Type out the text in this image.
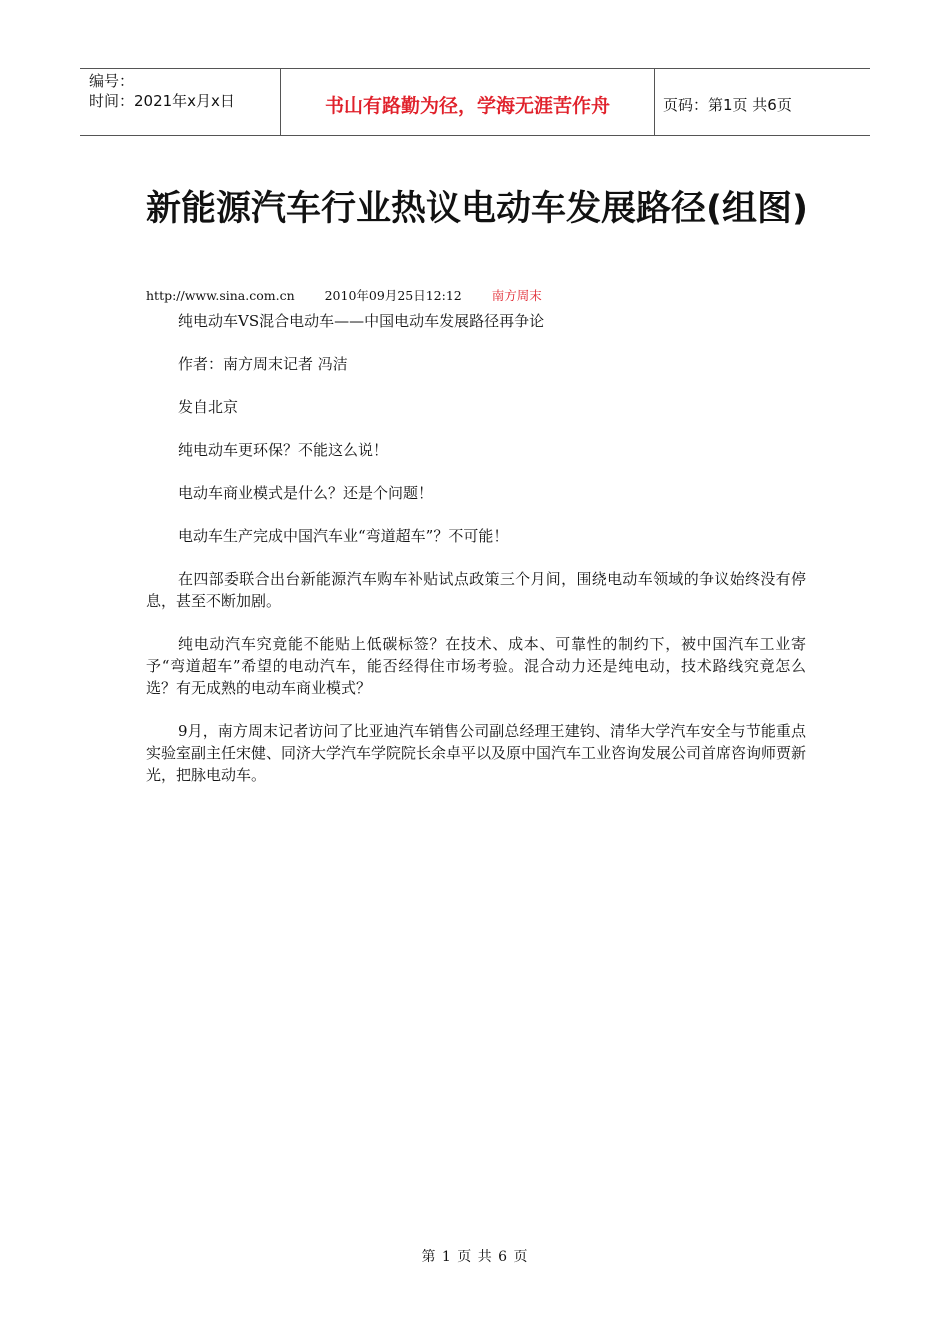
编号：
时间：2021年x月x日	书山有路勤为径，学海无涯苦作舟	页码：第1页 共6页
新能源汽车行业热议电动车发展路径(组图)
http://www.sina.com.cn 2010年09月25日12:12 南方周末

纯电动车VS混合电动车——中国电动车发展路径再争论

作者：南方周末记者 冯洁

发自北京

纯电动车更环保？不能这么说！

电动车商业模式是什么？还是个问题！

电动车生产完成中国汽车业“弯道超车”？不可能！

在四部委联合出台新能源汽车购车补贴试点政策三个月间，围绕电动车领域的争议始终没有停息，甚至不断加剧。

纯电动汽车究竟能不能贴上低碳标签？在技术、成本、可靠性的制约下，被中国汽车工业寄予“弯道超车”希望的电动汽车，能否经得住市场考验。混合动力还是纯电动，技术路线究竟怎么选？有无成熟的电动车商业模式？

9月，南方周末记者访问了比亚迪汽车销售公司副总经理王建钧、清华大学汽车安全与节能重点实验室副主任宋健、同济大学汽车学院院长余卓平以及原中国汽车工业咨询发展公司首席咨询师贾新光，把脉电动车。

第 1 页 共 6 页
